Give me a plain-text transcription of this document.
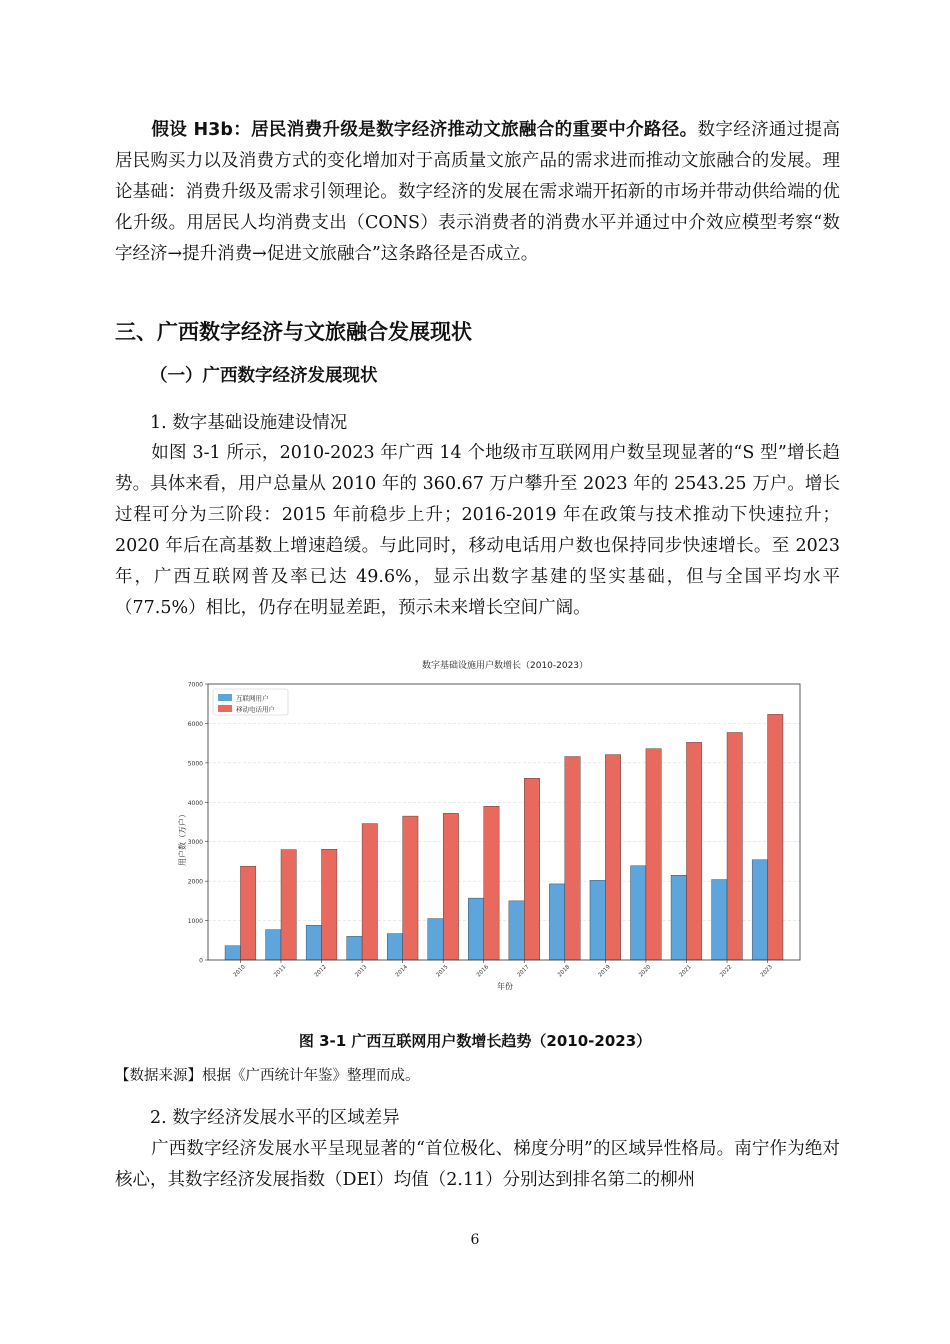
假设 H3b：居民消费升级是数字经济推动文旅融合的重要中介路径。数字经济通过提高居民购买力以及消费方式的变化增加对于高质量文旅产品的需求进而推动文旅融合的发展。理论基础：消费升级及需求引领理论。数字经济的发展在需求端开拓新的市场并带动供给端的优化升级。用居民人均消费支出（CONS）表示消费者的消费水平并通过中介效应模型考察“数字经济→提升消费→促进文旅融合”这条路径是否成立。

三、广西数字经济与文旅融合发展现状
（一）广西数字经济发展现状

1. 数字基础设施建设情况

如图 3-1 所示，2010-2023 年广西 14 个地级市互联网用户数呈现显著的“S 型”增长趋势。具体来看，用户总量从 2010 年的 360.67 万户攀升至 2023 年的 2543.25 万户。增长过程可分为三阶段：2015 年前稳步上升；2016-2019 年在政策与技术推动下快速拉升；2020 年后在高基数上增速趋缓。与此同时，移动电话用户数也保持同步快速增长。至 2023 年，广西互联网普及率已达 49.6%，显示出数字基建的坚实基础，但与全国平均水平（77.5%）相比，仍存在明显差距，预示未来增长空间广阔。

数字基础设施用户数增长（2010-2023）
0
1000
2000
3000
4000
5000
6000
7000
2010	2011	2012	2013	2014	2015	2016	2017	2018	2019	2020	2021	2022	2023
互联网用户
移动电话用户
年份
用户数（万户）
图 3-1 广西互联网用户数增长趋势（2010-2023）
【数据来源】根据《广西统计年鉴》整理而成。

2. 数字经济发展水平的区域差异

广西数字经济发展水平呈现显著的“首位极化、梯度分明”的区域异性格局。南宁作为绝对核心，其数字经济发展指数（DEI）均值（2.11）分别达到排名第二的柳州

6
